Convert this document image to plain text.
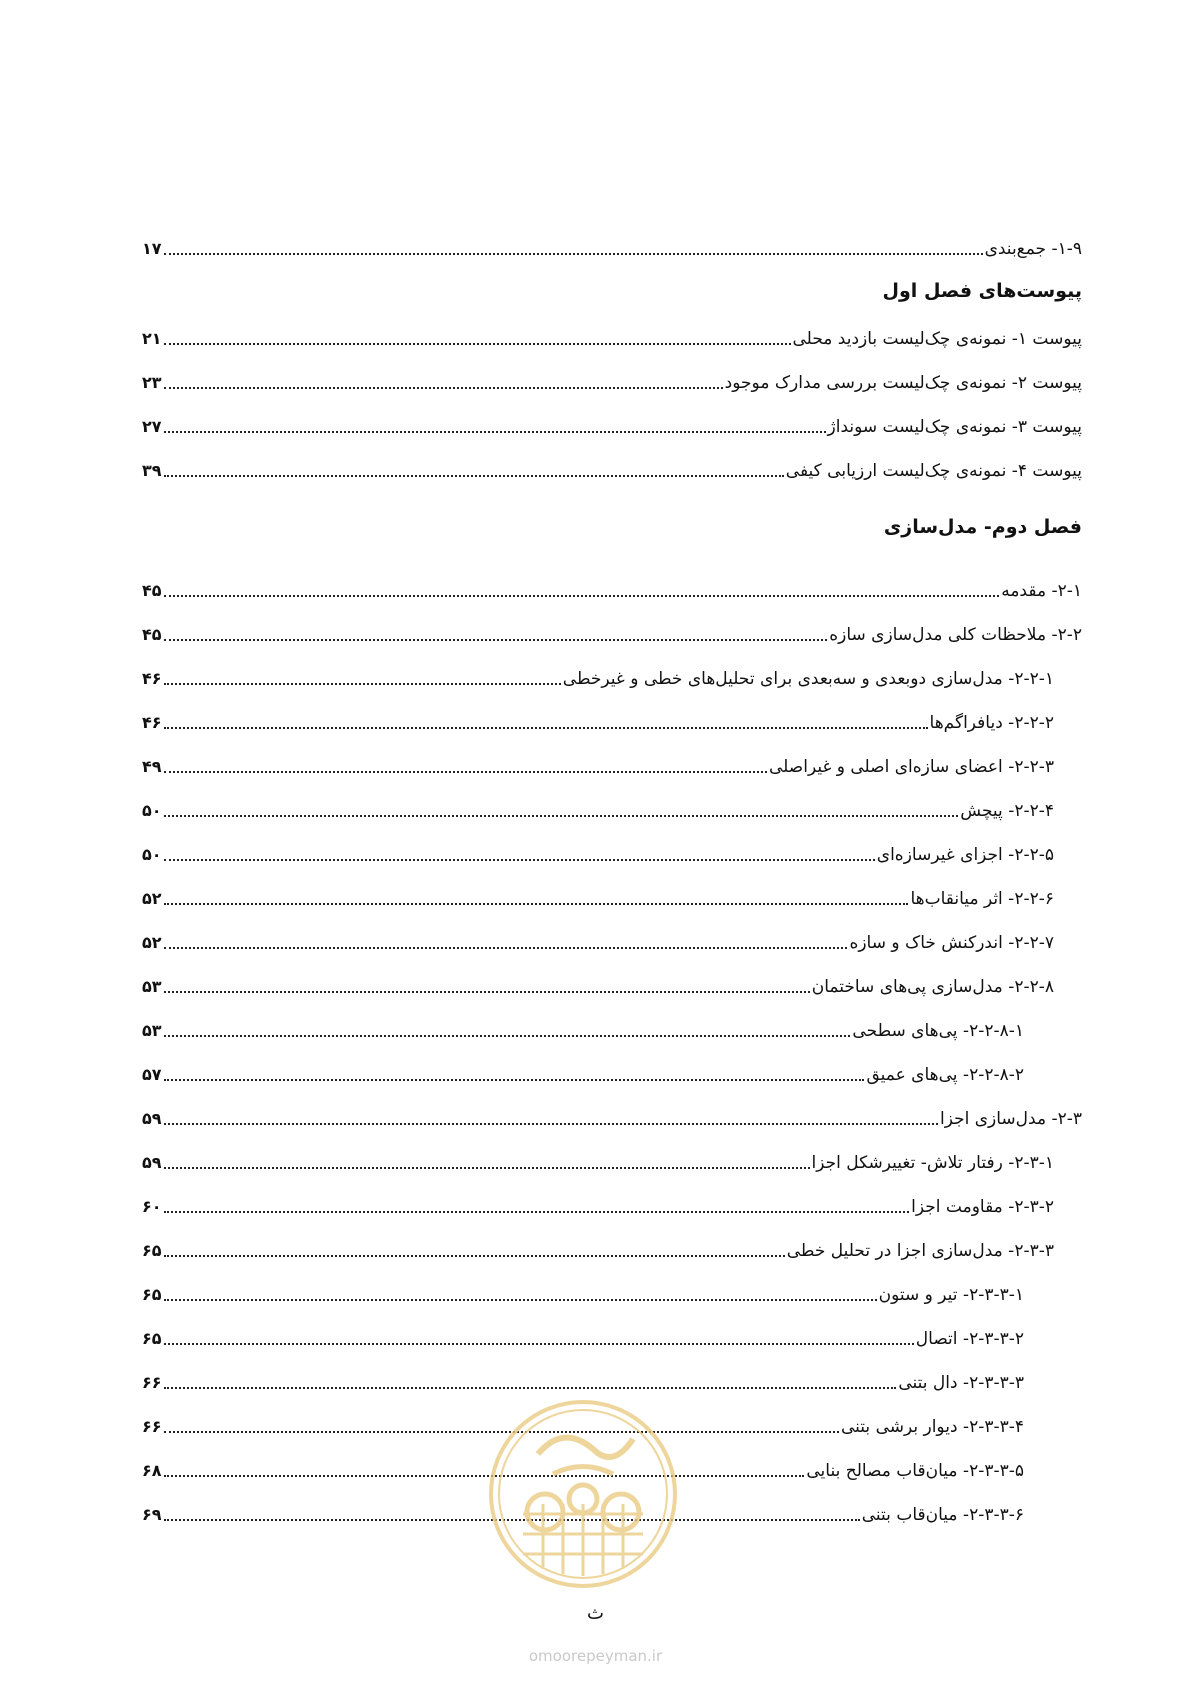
۱-۹- جمع‌بندی
۱۷
پیوست‌های فصل اول
پیوست ۱- نمونه‌ی چک‌لیست بازدید محلی
۲۱
پیوست ۲- نمونه‌ی چک‌لیست بررسی مدارک موجود
۲۳
پیوست ۳- نمونه‌ی چک‌لیست سونداژ
۲۷
پیوست ۴- نمونه‌ی چک‌لیست ارزیابی کیفی
۳۹
فصل دوم- مدل‌سازی
۲-۱- مقدمه
۴۵
۲-۲- ملاحظات کلی مدل‌سازی سازه
۴۵
۲-۲-۱- مدل‌سازی دوبعدی و سه‌بعدی برای تحلیل‌های خطی و غیرخطی
۴۶
۲-۲-۲- دیافراگم‌ها
۴۶
۲-۲-۳- اعضای سازه‌ای اصلی و غیراصلی
۴۹
۲-۲-۴- پیچش
۵۰
۲-۲-۵- اجزای غیرسازه‌ای
۵۰
۲-۲-۶- اثر میانقاب‌ها
۵۲
۲-۲-۷- اندرکنش خاک و سازه
۵۲
۲-۲-۸- مدل‌سازی پی‌های ساختمان
۵۳
۲-۲-۸-۱- پی‌های سطحی
۵۳
۲-۲-۸-۲- پی‌های عمیق
۵۷
۲-۳- مدل‌سازی اجزا
۵۹
۲-۳-۱- رفتار تلاش- تغییرشکل اجزا
۵۹
۲-۳-۲- مقاومت اجزا
۶۰
۲-۳-۳- مدل‌سازی اجزا در تحلیل خطی
۶۵
۲-۳-۳-۱- تیر و ستون
۶۵
۲-۳-۳-۲- اتصال
۶۵
۲-۳-۳-۳- دال بتنی
۶۶
۲-۳-۳-۴- دیوار برشی بتنی
۶۶
۲-۳-۳-۵- میان‌قاب مصالح بنایی
۶۸
۲-۳-۳-۶- میان‌قاب بتنی
۶۹
ث
omoorepeyman.ir
